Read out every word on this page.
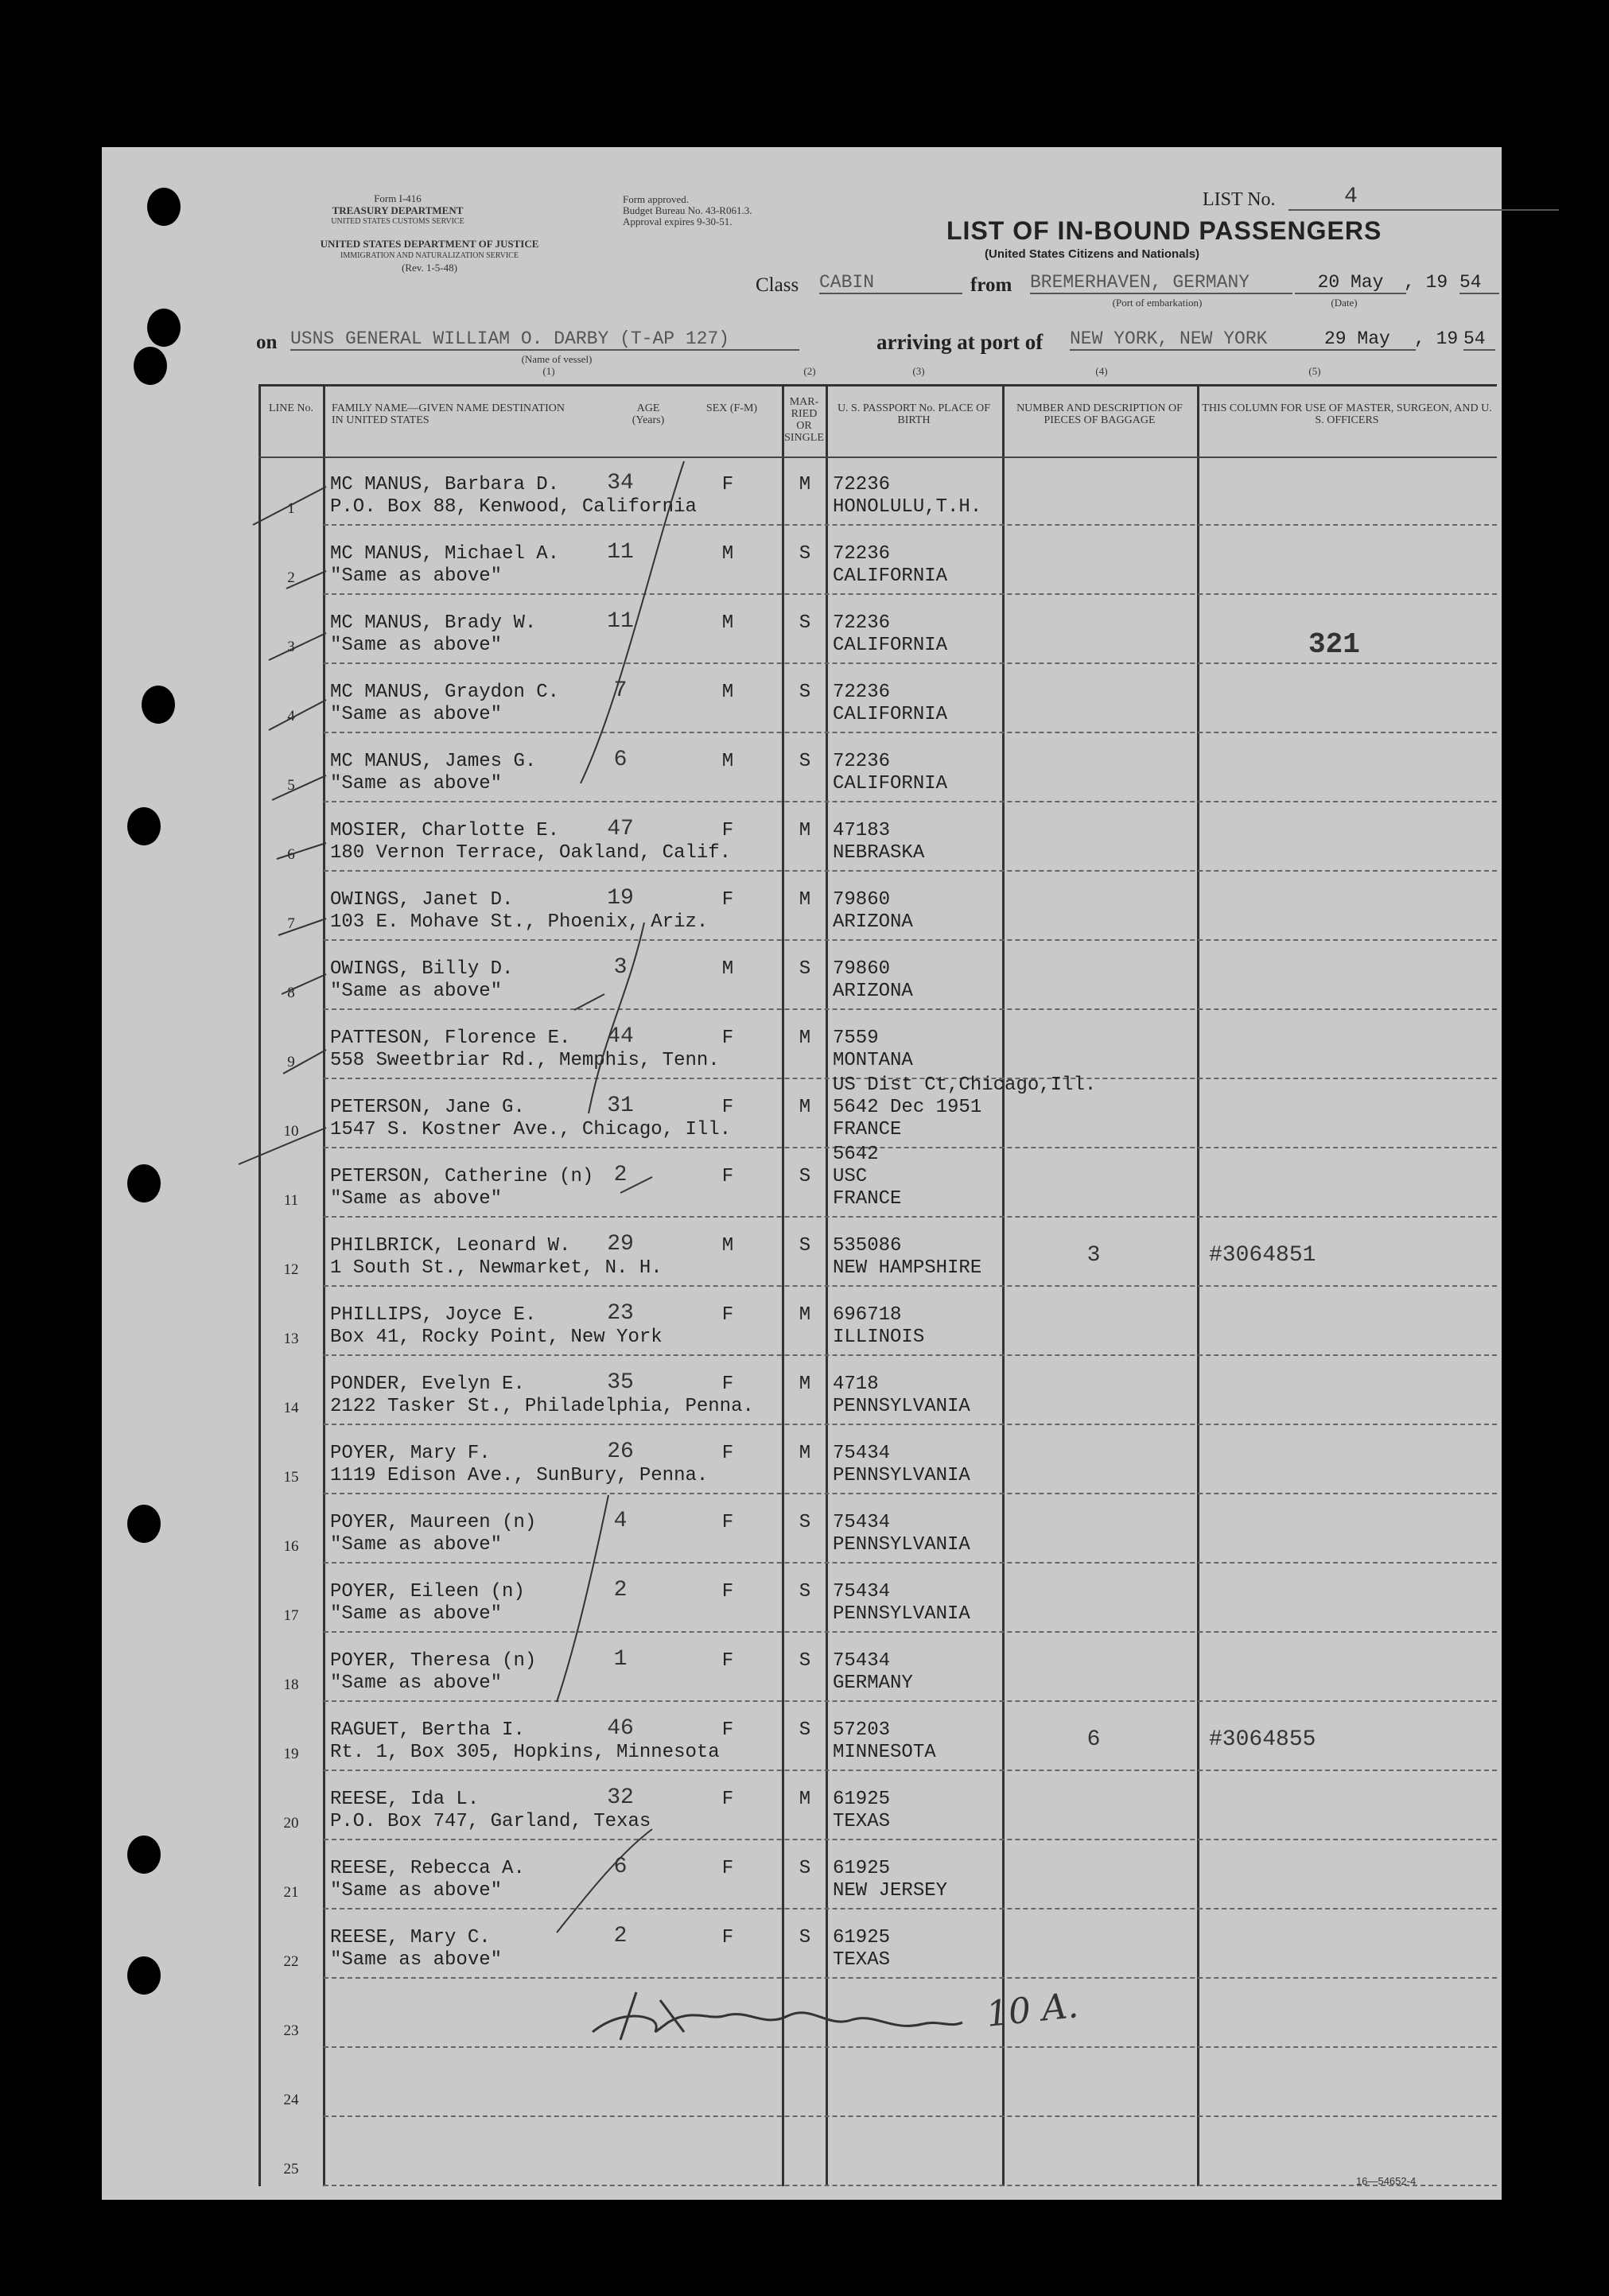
Form I-416
TREASURY DEPARTMENT
UNITED STATES CUSTOMS SERVICE
UNITED STATES DEPARTMENT OF JUSTICE
IMMIGRATION AND NATURALIZATION SERVICE
(Rev. 1-5-48)
Form approved.
Budget Bureau No. 43-R061.3.
Approval expires 9-30-51.
LIST No.	4
LIST OF IN-BOUND PASSENGERS
(United States Citizens and Nationals)
Class CABIN	from BREMERHAVEN, GERMANY	20 May	, 19 54
(Port of embarkation)	(Date)
on USNS GENERAL WILLIAM O. DARBY (T-AP 127)	arriving at port of NEW YORK, NEW YORK	29 May	, 19 54
(Name of vessel)
(1)	(2)	(3)	(4)	(5)
LINE No.	FAMILY NAME—GIVEN NAME DESTINATION IN UNITED STATES
AGE (Years)
SEX (F-M)
MAR-RIED OR SINGLE
U. S. PASSPORT No. PLACE OF BIRTH
NUMBER AND DESCRIPTION OF PIECES OF BAGGAGE
THIS COLUMN FOR USE OF MASTER, SURGEON, AND U. S. OFFICERS
1
MC MANUS, Barbara D.
P.O. Box 88, Kenwood, California
34	F	M	72236
HONOLULU,T.H.
2
MC MANUS, Michael A.
"Same as above"
11	M	S	72236
CALIFORNIA
3
MC MANUS, Brady W.
"Same as above"
11	M	S	72236
CALIFORNIA	321
4
MC MANUS, Graydon C.
"Same as above"
7	M	S	72236
CALIFORNIA
5
MC MANUS, James G.
"Same as above"
6	M	S	72236
CALIFORNIA
6
MOSIER, Charlotte E.
180 Vernon Terrace, Oakland, Calif.
47	F	M	47183
NEBRASKA
7
OWINGS, Janet D.
103 E. Mohave St., Phoenix, Ariz.
19	F	M	79860
ARIZONA
8
OWINGS, Billy D.
"Same as above"
3	M	S	79860
ARIZONA
9
PATTESON, Florence E.
558 Sweetbriar Rd., Memphis, Tenn.
44	F	M	7559
MONTANA
10
PETERSON, Jane G.
1547 S. Kostner Ave., Chicago, Ill.
31	F	M
US Dist Ct,Chicago,Ill.
5642 Dec 1951
FRANCE
11
PETERSON, Catherine (n)
"Same as above"
2	F	S
5642
USC
FRANCE
12
PHILBRICK, Leonard W.
1 South St., Newmarket, N. H.
29	M	S	535086
NEW HAMPSHIRE
3	#3064851
13
PHILLIPS, Joyce E.
Box 41, Rocky Point, New York
23	F	M	696718
ILLINOIS
14
PONDER, Evelyn E.
2122 Tasker St., Philadelphia, Penna.
35	F	M	4718
PENNSYLVANIA
15
POYER, Mary F.
1119 Edison Ave., SunBury, Penna.
26	F	M	75434
PENNSYLVANIA
16
POYER, Maureen (n)
"Same as above"
4	F	S	75434
PENNSYLVANIA
17
POYER, Eileen (n)
"Same as above"
2	F	S	75434
PENNSYLVANIA
18
POYER, Theresa (n)
"Same as above"
1	F	S	75434
GERMANY
19
RAGUET, Bertha I.
Rt. 1, Box 305, Hopkins, Minnesota
46	F	S	57203
MINNESOTA
6	#3064855
20
REESE, Ida L.
P.O. Box 747, Garland, Texas
32	F	M	61925
TEXAS
21
REESE, Rebecca A.
"Same as above"
6	F	S	61925
NEW JERSEY
22
REESE, Mary C.
"Same as above"
2	F	S	61925
TEXAS
23
24
25
10 A.
16—54652-4
